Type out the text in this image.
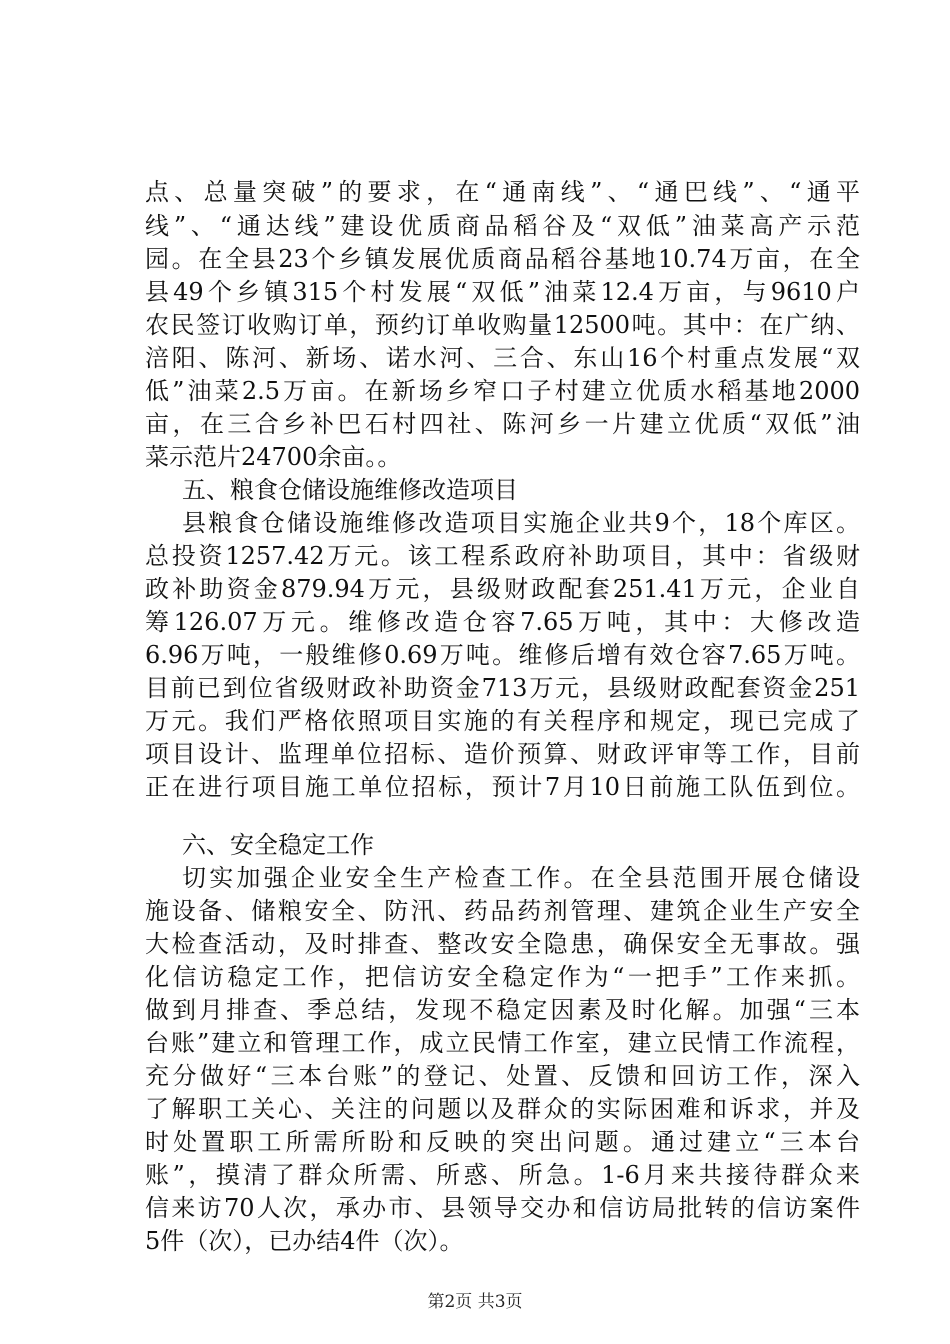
点、总量突破”的要求，在“通南线”、“通巴线”、“通平
线”、“通达线”建设优质商品稻谷及“双低”油菜高产示范
园。在全县23个乡镇发展优质商品稻谷基地10.74万亩，在全
县49个乡镇315个村发展“双低”油菜12.4万亩，与9610户
农民签订收购订单，预约订单收购量12500吨。其中：在广纳、
涪阳、陈河、新场、诺水河、三合、东山16个村重点发展“双
低”油菜2.5万亩。在新场乡窄口子村建立优质水稻基地2000
亩，在三合乡补巴石村四社、陈河乡一片建立优质“双低”油
菜示范片24700余亩。。
五、粮食仓储设施维修改造项目
县粮食仓储设施维修改造项目实施企业共9个，18个库区。
总投资1257.42万元。该工程系政府补助项目，其中：省级财
政补助资金879.94万元，县级财政配套251.41万元，企业自
筹126.07万元。维修改造仓容7.65万吨，其中：大修改造
6.96万吨，一般维修0.69万吨。维修后增有效仓容7.65万吨。
目前已到位省级财政补助资金713万元，县级财政配套资金251
万元。我们严格依照项目实施的有关程序和规定，现已完成了
项目设计、监理单位招标、造价预算、财政评审等工作，目前
正在进行项目施工单位招标，预计7月10日前施工队伍到位。
六、安全稳定工作
切实加强企业安全生产检查工作。在全县范围开展仓储设
施设备、储粮安全、防汛、药品药剂管理、建筑企业生产安全
大检查活动，及时排查、整改安全隐患，确保安全无事故。强
化信访稳定工作，把信访安全稳定作为“一把手”工作来抓。
做到月排查、季总结，发现不稳定因素及时化解。加强“三本
台账”建立和管理工作，成立民情工作室，建立民情工作流程，
充分做好“三本台账”的登记、处置、反馈和回访工作，深入
了解职工关心、关注的问题以及群众的实际困难和诉求，并及
时处置职工所需所盼和反映的突出问题。通过建立“三本台
账”，摸清了群众所需、所惑、所急。1-6月来共接待群众来
信来访70人次，承办市、县领导交办和信访局批转的信访案件
5件（次），已办结4件（次）。
第2页 共3页
